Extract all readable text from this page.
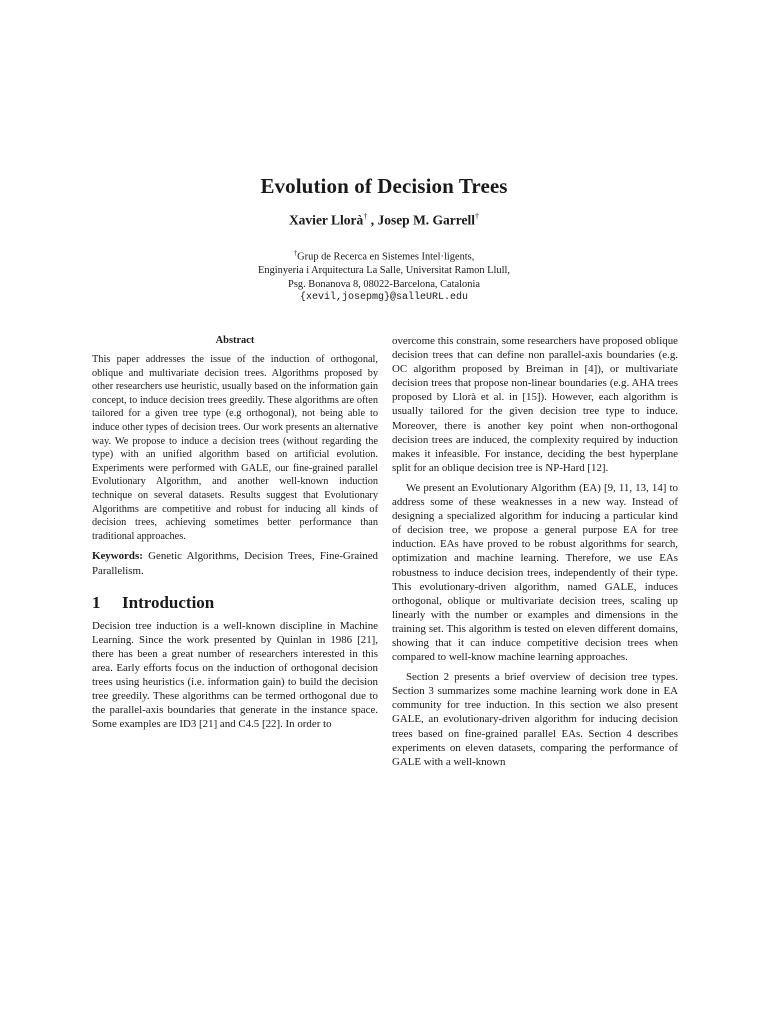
Evolution of Decision Trees
Xavier Llorà† , Josep M. Garrell†
†Grup de Recerca en Sistemes Intel·ligents,
Enginyeria i Arquitectura La Salle, Universitat Ramon Llull,
Psg. Bonanova 8, 08022-Barcelona, Catalonia
{xevil,josepmg}@salleURL.edu
Abstract

This paper addresses the issue of the induction of orthogonal, oblique and multivariate decision trees. Algorithms proposed by other researchers use heuristic, usually based on the information gain concept, to induce decision trees greedily. These algorithms are often tailored for a given tree type (e.g orthogonal), not being able to induce other types of decision trees. Our work presents an alternative way. We propose to induce a decision trees (without regarding the type) with an unified algorithm based on artificial evolution. Experiments were performed with GALE, our fine-grained parallel Evolutionary Algorithm, and another well-known induction technique on several datasets. Results suggest that Evolutionary Algorithms are competitive and robust for inducing all kinds of decision trees, achieving sometimes better performance than traditional approaches.

Keywords: Genetic Algorithms, Decision Trees, Fine-Grained Parallelism.

1 Introduction

Decision tree induction is a well-known discipline in Machine Learning. Since the work presented by Quinlan in 1986 [21], there has been a great number of researchers interested in this area. Early efforts focus on the induction of orthogonal decision trees using heuristics (i.e. information gain) to build the decision tree greedily. These algorithms can be termed orthogonal due to the parallel-axis boundaries that generate in the instance space. Some examples are ID3 [21] and C4.5 [22]. In order to

overcome this constrain, some researchers have proposed oblique decision trees that can define non parallel-axis boundaries (e.g. OC algorithm proposed by Breiman in [4]), or multivariate decision trees that propose non-linear boundaries (e.g. AHA trees proposed by Llorà et al. in [15]). However, each algorithm is usually tailored for the given decision tree type to induce. Moreover, there is another key point when non-orthogonal decision trees are induced, the complexity required by induction makes it infeasible. For instance, deciding the best hyperplane split for an oblique decision tree is NP-Hard [12].

We present an Evolutionary Algorithm (EA) [9, 11, 13, 14] to address some of these weaknesses in a new way. Instead of designing a specialized algorithm for inducing a particular kind of decision tree, we propose a general purpose EA for tree induction. EAs have proved to be robust algorithms for search, optimization and machine learning. Therefore, we use EAs robustness to induce decision trees, independently of their type. This evolutionary-driven algorithm, named GALE, induces orthogonal, oblique or multivariate decision trees, scaling up linearly with the number or examples and dimensions in the training set. This algorithm is tested on eleven different domains, showing that it can induce competitive decision trees when compared to well-know machine learning approaches.

Section 2 presents a brief overview of decision tree types. Section 3 summarizes some machine learning work done in EA community for tree induction. In this section we also present GALE, an evolutionary-driven algorithm for inducing decision trees based on fine-grained parallel EAs. Section 4 describes experiments on eleven datasets, comparing the performance of GALE with a well-known
